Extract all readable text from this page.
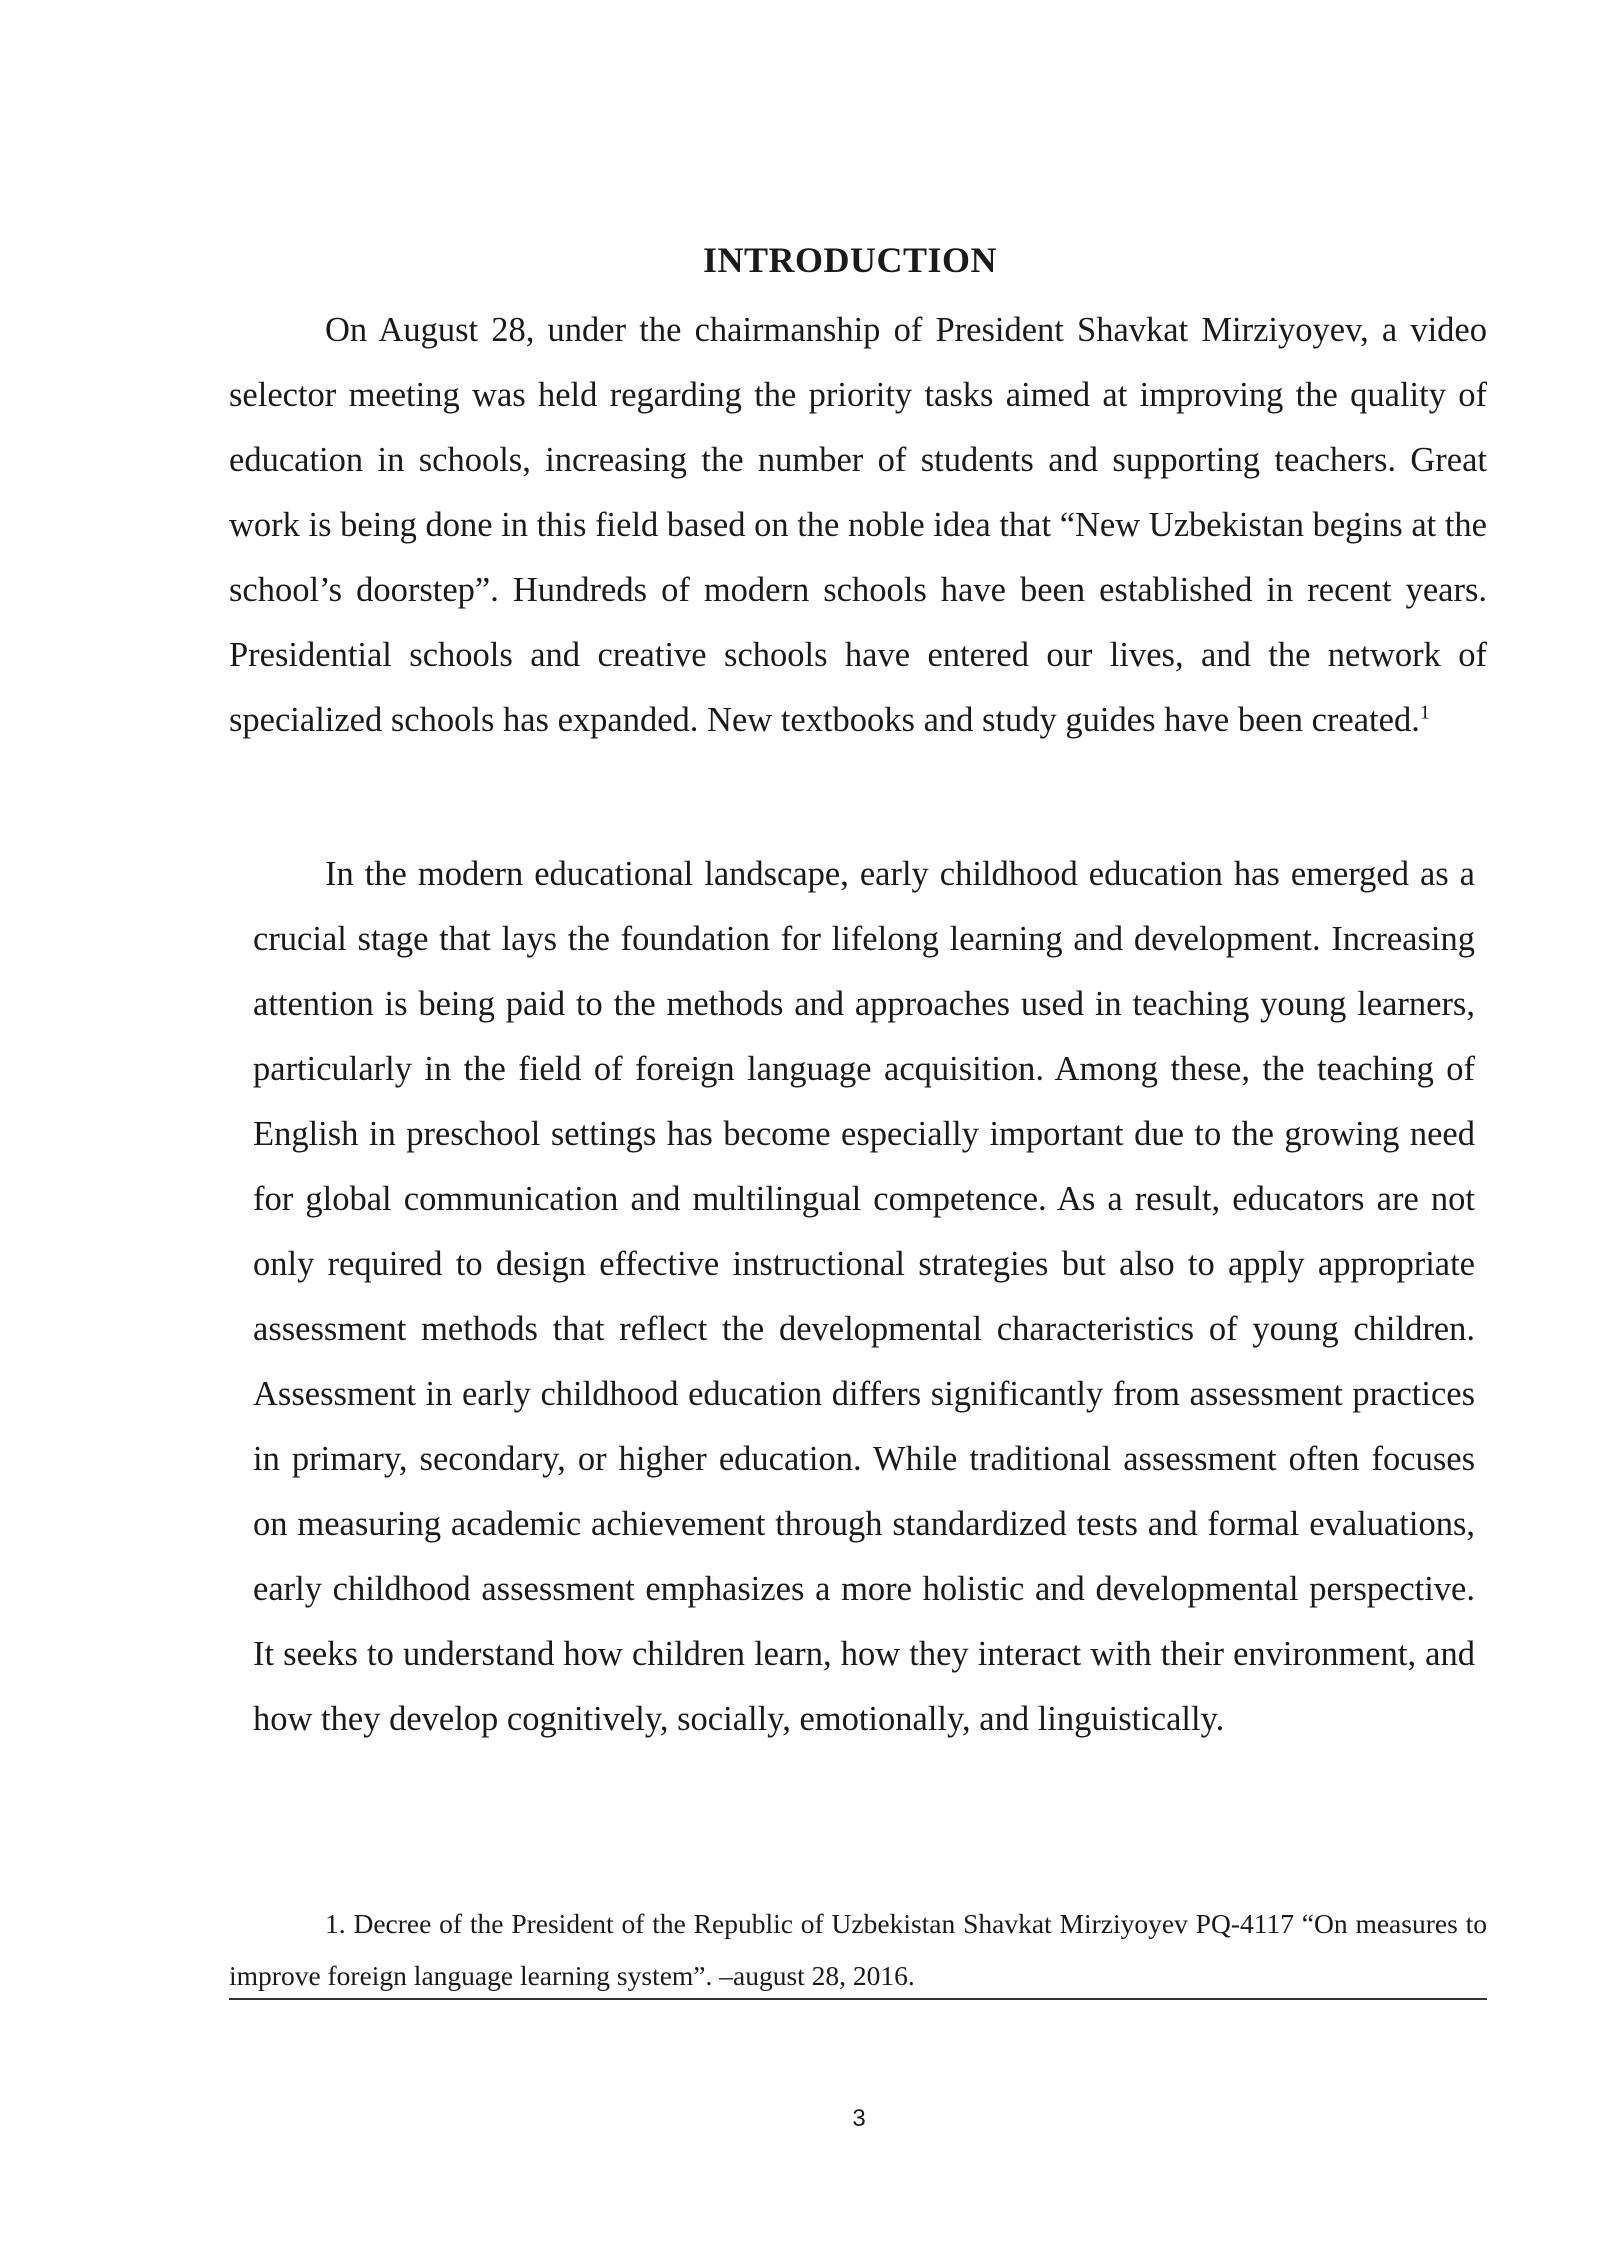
INTRODUCTION

On August 28, under the chairmanship of President Shavkat Mirziyoyev, a video selector meeting was held regarding the priority tasks aimed at improving the quality of education in schools, increasing the number of students and supporting teachers. Great work is being done in this field based on the noble idea that “New Uzbekistan begins at the school’s doorstep”. Hundreds of modern schools have been established in recent years. Presidential schools and creative schools have entered our lives, and the network of specialized schools has expanded. New textbooks and study guides have been created.$^1$

In the modern educational landscape, early childhood education has emerged as a crucial stage that lays the foundation for lifelong learning and development. Increasing attention is being paid to the methods and approaches used in teaching young learners, particularly in the field of foreign language acquisition. Among these, the teaching of English in preschool settings has become especially important due to the growing need for global communication and multilingual competence. As a result, educators are not only required to design effective instructional strategies but also to apply appropriate assessment methods that reflect the developmental characteristics of young children. Assessment in early childhood education differs significantly from assessment practices in primary, secondary, or higher education. While traditional assessment often focuses on measuring academic achievement through standardized tests and formal evaluations, early childhood assessment emphasizes a more holistic and developmental perspective. It seeks to understand how children learn, how they interact with their environment, and how they develop cognitively, socially, emotionally, and linguistically.

1. Decree of the President of the Republic of Uzbekistan Shavkat Mirziyoyev PQ-4117 “On measures to improve foreign language learning system”. –august 28, 2016.

3
